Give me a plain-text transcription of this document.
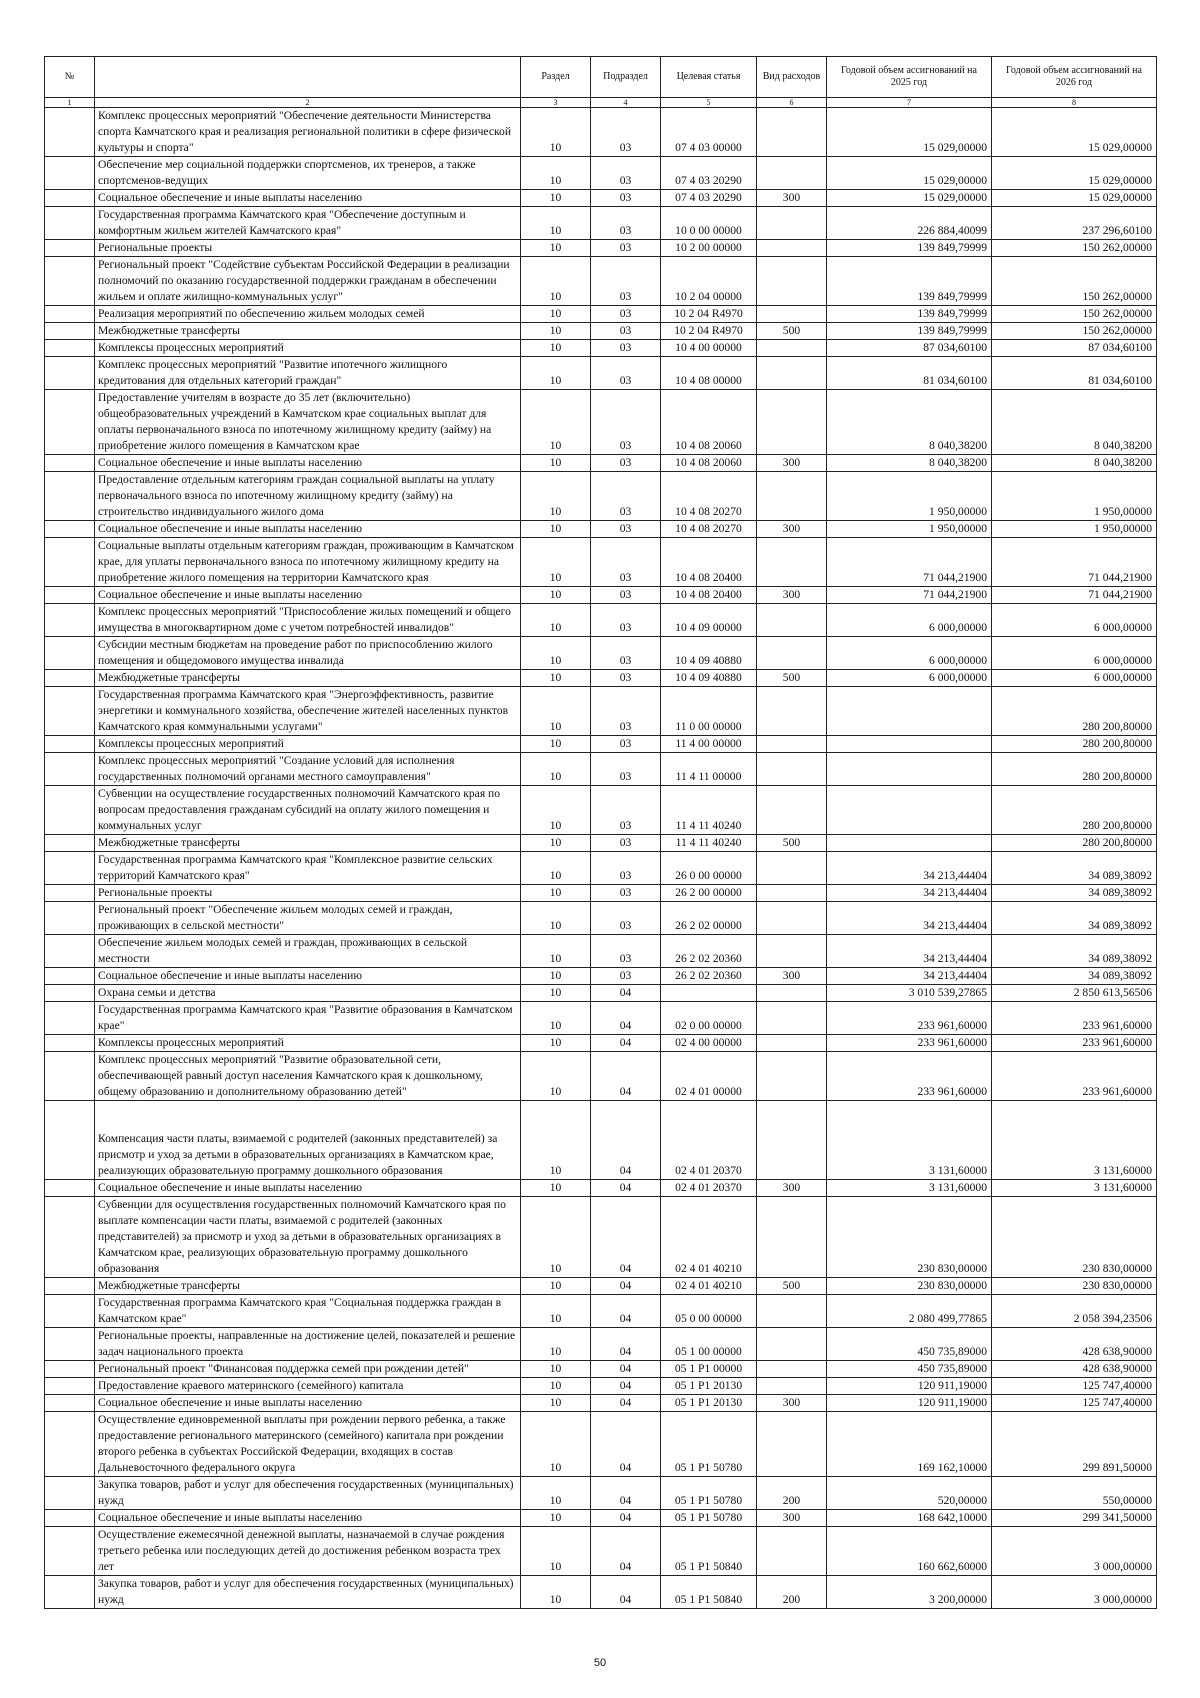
№		Раздел	Подраздел	Целевая статья	Вид расходов	Годовой объем ассигнований на 2025 год	Годовой объем ассигнований на 2026 год
1	2	3	4	5	6	7	8
	Комплекс процессных мероприятий "Обеспечение деятельности Министерства спорта Камчатского края и реализация региональной политики в сфере физической культуры и спорта"	10	03	07 4 03 00000		15 029,00000	15 029,00000
	Обеспечение мер социальной поддержки спортсменов, их тренеров, а также спортсменов-ведущих	10	03	07 4 03 20290		15 029,00000	15 029,00000
	Социальное обеспечение и иные выплаты населению	10	03	07 4 03 20290	300	15 029,00000	15 029,00000
	Государственная программа Камчатского края "Обеспечение доступным и комфортным жильем жителей Камчатского края"	10	03	10 0 00 00000		226 884,40099	237 296,60100
	Региональные проекты	10	03	10 2 00 00000		139 849,79999	150 262,00000
	Региональный проект "Содействие субъектам Российской Федерации в реализации полномочий по оказанию государственной поддержки гражданам в обеспечении жильем и оплате жилищно-коммунальных услуг"	10	03	10 2 04 00000		139 849,79999	150 262,00000
	Реализация мероприятий по обеспечению жильем молодых семей	10	03	10 2 04 R4970		139 849,79999	150 262,00000
	Межбюджетные трансферты	10	03	10 2 04 R4970	500	139 849,79999	150 262,00000
	Комплексы процессных мероприятий	10	03	10 4 00 00000		87 034,60100	87 034,60100
	Комплекс процессных мероприятий "Развитие ипотечного жилищного кредитования для отдельных категорий граждан"	10	03	10 4 08 00000		81 034,60100	81 034,60100
	Предоставление учителям в возрасте до 35 лет (включительно) общеобразовательных учреждений в Камчатском крае социальных выплат для оплаты первоначального взноса по ипотечному жилищному кредиту (займу) на приобретение жилого помещения в Камчатском крае	10	03	10 4 08 20060		8 040,38200	8 040,38200
	Социальное обеспечение и иные выплаты населению	10	03	10 4 08 20060	300	8 040,38200	8 040,38200
	Предоставление отдельным категориям граждан социальной выплаты на уплату первоначального взноса по ипотечному жилищному кредиту (займу) на строительство индивидуального жилого дома	10	03	10 4 08 20270		1 950,00000	1 950,00000
	Социальное обеспечение и иные выплаты населению	10	03	10 4 08 20270	300	1 950,00000	1 950,00000
	Социальные выплаты отдельным категориям граждан, проживающим в Камчатском крае, для уплаты первоначального взноса по ипотечному жилищному кредиту на приобретение жилого помещения на территории Камчатского края	10	03	10 4 08 20400		71 044,21900	71 044,21900
	Социальное обеспечение и иные выплаты населению	10	03	10 4 08 20400	300	71 044,21900	71 044,21900
	Комплекс процессных мероприятий "Приспособление жилых помещений и общего имущества в многоквартирном доме с учетом потребностей инвалидов"	10	03	10 4 09 00000		6 000,00000	6 000,00000
	Субсидии местным бюджетам на проведение работ по приспособлению жилого помещения и общедомового имущества инвалида	10	03	10 4 09 40880		6 000,00000	6 000,00000
	Межбюджетные трансферты	10	03	10 4 09 40880	500	6 000,00000	6 000,00000
	Государственная программа Камчатского края "Энергоэффективность, развитие энергетики и коммунального хозяйства, обеспечение жителей населенных пунктов Камчатского края коммунальными услугами"	10	03	11 0 00 00000			280 200,80000
	Комплексы процессных мероприятий	10	03	11 4 00 00000			280 200,80000
	Комплекс процессных мероприятий "Создание условий для исполнения государственных полномочий органами местного самоуправления"	10	03	11 4 11 00000			280 200,80000
	Субвенции на осуществление государственных полномочий Камчатского края по вопросам предоставления гражданам субсидий на оплату жилого помещения и коммунальных услуг	10	03	11 4 11 40240			280 200,80000
	Межбюджетные трансферты	10	03	11 4 11 40240	500		280 200,80000
	Государственная программа Камчатского края "Комплексное развитие сельских территорий Камчатского края"	10	03	26 0 00 00000		34 213,44404	34 089,38092
	Региональные проекты	10	03	26 2 00 00000		34 213,44404	34 089,38092
	Региональный проект "Обеспечение жильем молодых семей и граждан, проживающих в сельской местности"	10	03	26 2 02 00000		34 213,44404	34 089,38092
	Обеспечение жильем молодых семей и граждан, проживающих в сельской местности	10	03	26 2 02 20360		34 213,44404	34 089,38092
	Социальное обеспечение и иные выплаты населению	10	03	26 2 02 20360	300	34 213,44404	34 089,38092
	Охрана семьи и детства	10	04			3 010 539,27865	2 850 613,56506
	Государственная программа Камчатского края "Развитие образования в Камчатском крае"	10	04	02 0 00 00000		233 961,60000	233 961,60000
	Комплексы процессных мероприятий	10	04	02 4 00 00000		233 961,60000	233 961,60000
	Комплекс процессных мероприятий "Развитие образовательной сети, обеспечивающей равный доступ населения Камчатского края к дошкольному, общему образованию и дополнительному образованию детей"	10	04	02 4 01 00000		233 961,60000	233 961,60000
	Компенсация части платы, взимаемой с родителей (законных представителей) за присмотр и уход за детьми в образовательных организациях в Камчатском крае, реализующих образовательную программу дошкольного образования	10	04	02 4 01 20370		3 131,60000	3 131,60000
	Социальное обеспечение и иные выплаты населению	10	04	02 4 01 20370	300	3 131,60000	3 131,60000
	Субвенции для осуществления государственных полномочий Камчатского края по выплате компенсации части платы, взимаемой с родителей (законных представителей) за присмотр и уход за детьми в образовательных организациях в Камчатском крае, реализующих образовательную программу дошкольного образования	10	04	02 4 01 40210		230 830,00000	230 830,00000
	Межбюджетные трансферты	10	04	02 4 01 40210	500	230 830,00000	230 830,00000
	Государственная программа Камчатского края "Социальная поддержка граждан в Камчатском крае"	10	04	05 0 00 00000		2 080 499,77865	2 058 394,23506
	Региональные проекты, направленные на достижение целей, показателей и решение задач национального проекта	10	04	05 1 00 00000		450 735,89000	428 638,90000
	Региональный проект "Финансовая поддержка семей при рождении детей"	10	04	05 1 P1 00000		450 735,89000	428 638,90000
	Предоставление краевого материнского (семейного) капитала	10	04	05 1 P1 20130		120 911,19000	125 747,40000
	Социальное обеспечение и иные выплаты населению	10	04	05 1 P1 20130	300	120 911,19000	125 747,40000
	Осуществление единовременной выплаты при рождении первого ребенка, а также предоставление регионального материнского (семейного) капитала при рождении второго ребенка в субъектах Российской Федерации, входящих в состав Дальневосточного федерального округа	10	04	05 1 P1 50780		169 162,10000	299 891,50000
	Закупка товаров, работ и услуг для обеспечения государственных (муниципальных) нужд	10	04	05 1 P1 50780	200	520,00000	550,00000
	Социальное обеспечение и иные выплаты населению	10	04	05 1 P1 50780	300	168 642,10000	299 341,50000
	Осуществление ежемесячной денежной выплаты, назначаемой в случае рождения третьего ребенка или последующих детей до достижения ребенком возраста трех лет	10	04	05 1 P1 50840		160 662,60000	3 000,00000
	Закупка товаров, работ и услуг для обеспечения государственных (муниципальных) нужд	10	04	05 1 P1 50840	200	3 200,00000	3 000,00000
50
